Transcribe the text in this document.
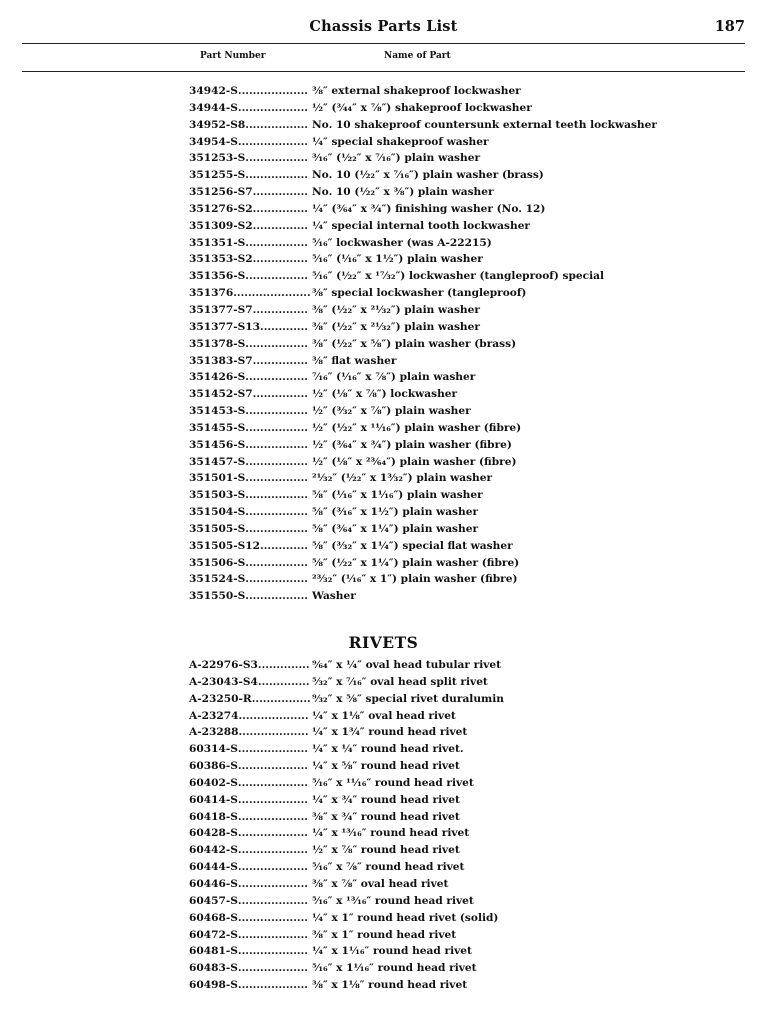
Chassis Parts List	187
Part Number	Name of Part
34942-S ................... ⅜″ external shakeproof lockwasher
34944-S ................... ½″ (¾₄″ x ⅞″) shakeproof lockwasher
34952-S8 ................. No. 10 shakeproof countersunk external teeth lockwasher
34954-S ................... ¼″ special shakeproof washer
351253-S ................. ³⁄₁₆″ (½₂″ x ⁷⁄₁₆″) plain washer
351255-S ................. No. 10 (½₂″ x ⁷⁄₁₆″) plain washer (brass)
351256-S7 ............... No. 10 (½₂″ x ⅜″) plain washer
351276-S2 ............... ¼″ (³⁄₆₄″ x ¾″) finishing washer (No. 12)
351309-S2 ............... ¼″ special internal tooth lockwasher
351351-S ................. ⁵⁄₁₆″ lockwasher (was A-22215)
351353-S2 ............... ⁵⁄₁₆″ (¹⁄₁₆″ x 1½″) plain washer
351356-S ................. ⁵⁄₁₆″ (½₂″ x ¹⁷⁄₃₂″) lockwasher (tangleproof) special
351376 ..................... ⅜″ special lockwasher (tangleproof)
351377-S7 ............... ⅜″ (½₂″ x ²¹⁄₃₂″) plain washer
351377-S13 ............. ⅜″ (½₂″ x ²¹⁄₃₂″) plain washer
351378-S ................. ⅜″ (½₂″ x ⅝″) plain washer (brass)
351383-S7 ............... ⅜″ flat washer
351426-S ................. ⁷⁄₁₆″ (¹⁄₁₆″ x ⅞″) plain washer
351452-S7 ............... ½″ (⅛″ x ⅞″) lockwasher
351453-S ................. ½″ (³⁄₃₂″ x ⅞″) plain washer
351455-S ................. ½″ (½₂″ x ¹¹⁄₁₆″) plain washer (fibre)
351456-S ................. ½″ (³⁄₆₄″ x ¾″) plain washer (fibre)
351457-S ................. ½″ (⅛″ x ²³⁄₆₄″) plain washer (fibre)
351501-S ................. ²¹⁄₃₂″ (½₂″ x 1³⁄₃₂″) plain washer
351503-S ................. ⅝″ (¹⁄₁₆″ x 1¹⁄₁₆″) plain washer
351504-S ................. ⅝″ (³⁄₁₆″ x 1½″) plain washer
351505-S ................. ⅝″ (³⁄₆₄″ x 1¼″) plain washer
351505-S12 ............. ⅝″ (³⁄₃₂″ x 1¼″) special flat washer
351506-S ................. ⅝″ (½₂″ x 1¼″) plain washer (fibre)
351524-S ................. ²³⁄₃₂″ (¹⁄₁₆″ x 1″) plain washer (fibre)
351550-S ................. Washer
RIVETS
A-22976-S3 .............. ⁹⁄₆₄″ x ¼″ oval head tubular rivet
A-23043-S4 .............. ⁵⁄₃₂″ x ⁷⁄₁₆″ oval head split rivet
A-23250-R ................ ⁹⁄₃₂″ x ⅝″ special rivet duralumin
A-23274 ................... ¼″ x 1⅛″ oval head rivet
A-23288 ................... ¼″ x 1¾″ round head rivet
60314-S ................... ¼″ x ¼″ round head rivet.
60386-S ................... ¼″ x ⅝″ round head rivet
60402-S ................... ⁵⁄₁₆″ x ¹¹⁄₁₆″ round head rivet
60414-S ................... ¼″ x ¾″ round head rivet
60418-S ................... ⅜″ x ¾″ round head rivet
60428-S ................... ¼″ x ¹³⁄₁₆″ round head rivet
60442-S ................... ½″ x ⅞″ round head rivet
60444-S ................... ⁵⁄₁₆″ x ⅞″ round head rivet
60446-S ................... ⅜″ x ⅞″ oval head rivet
60457-S ................... ⁵⁄₁₆″ x ¹³⁄₁₆″ round head rivet
60468-S ................... ¼″ x 1″ round head rivet (solid)
60472-S ................... ⅜″ x 1″ round head rivet
60481-S ................... ¼″ x 1¹⁄₁₆″ round head rivet
60483-S ................... ⁵⁄₁₆″ x 1¹⁄₁₆″ round head rivet
60498-S ................... ⅜″ x 1⅛″ round head rivet
